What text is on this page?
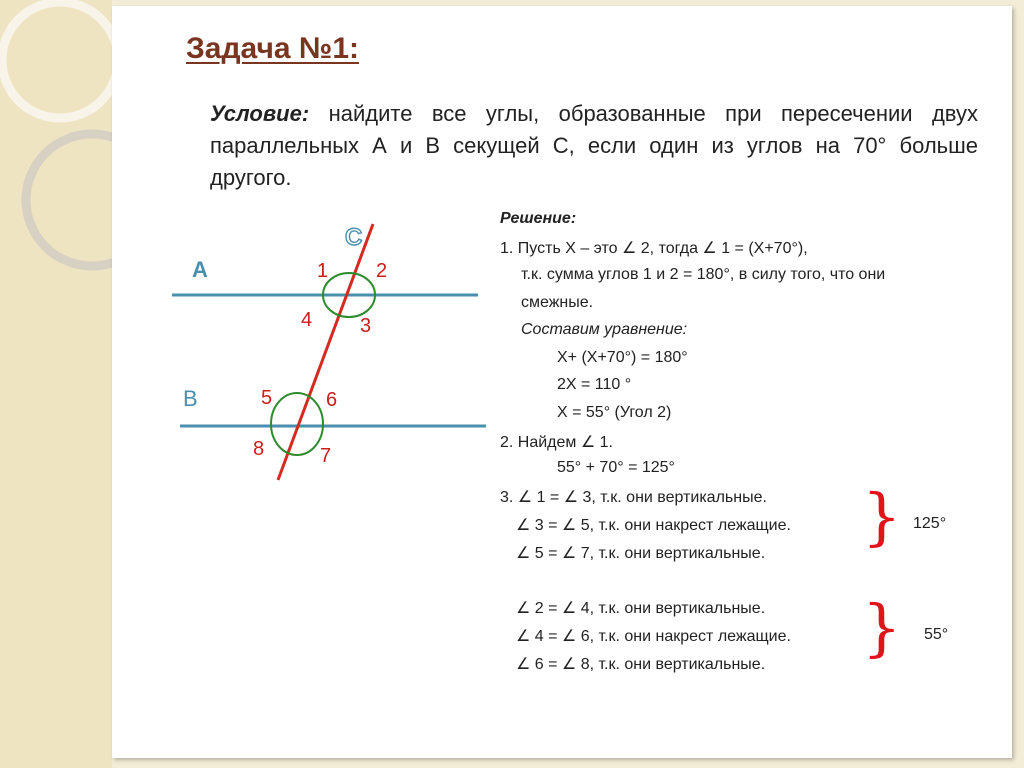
Задача №1:

Условие: найдите все углы, образованные при пересечении двух параллельных А и В секущей С, если один из углов на 70° больше другого.

А
В
С
1 2
3
4
5	6
7
8
Решение:
1. Пусть Х – это ∠ 2, тогда ∠ 1 = (Х+70°),
т.к. сумма углов 1 и 2 = 180°, в силу того, что они
смежные.
Составим уравнение:
Х+ (Х+70°) = 180°
2Х = 110 °
Х = 55° (Угол 2)
2. Найдем ∠ 1.
55° + 70° = 125°
3. ∠ 1 = ∠ 3, т.к. они вертикальные.
∠ 3 = ∠ 5, т.к. они накрест лежащие.
∠ 5 = ∠ 7, т.к. они вертикальные.
∠ 2 = ∠ 4, т.к. они вертикальные.
∠ 4 = ∠ 6, т.к. они накрест лежащие.
∠ 6 = ∠ 8, т.к. они вертикальные.
}
}
125°
55°
